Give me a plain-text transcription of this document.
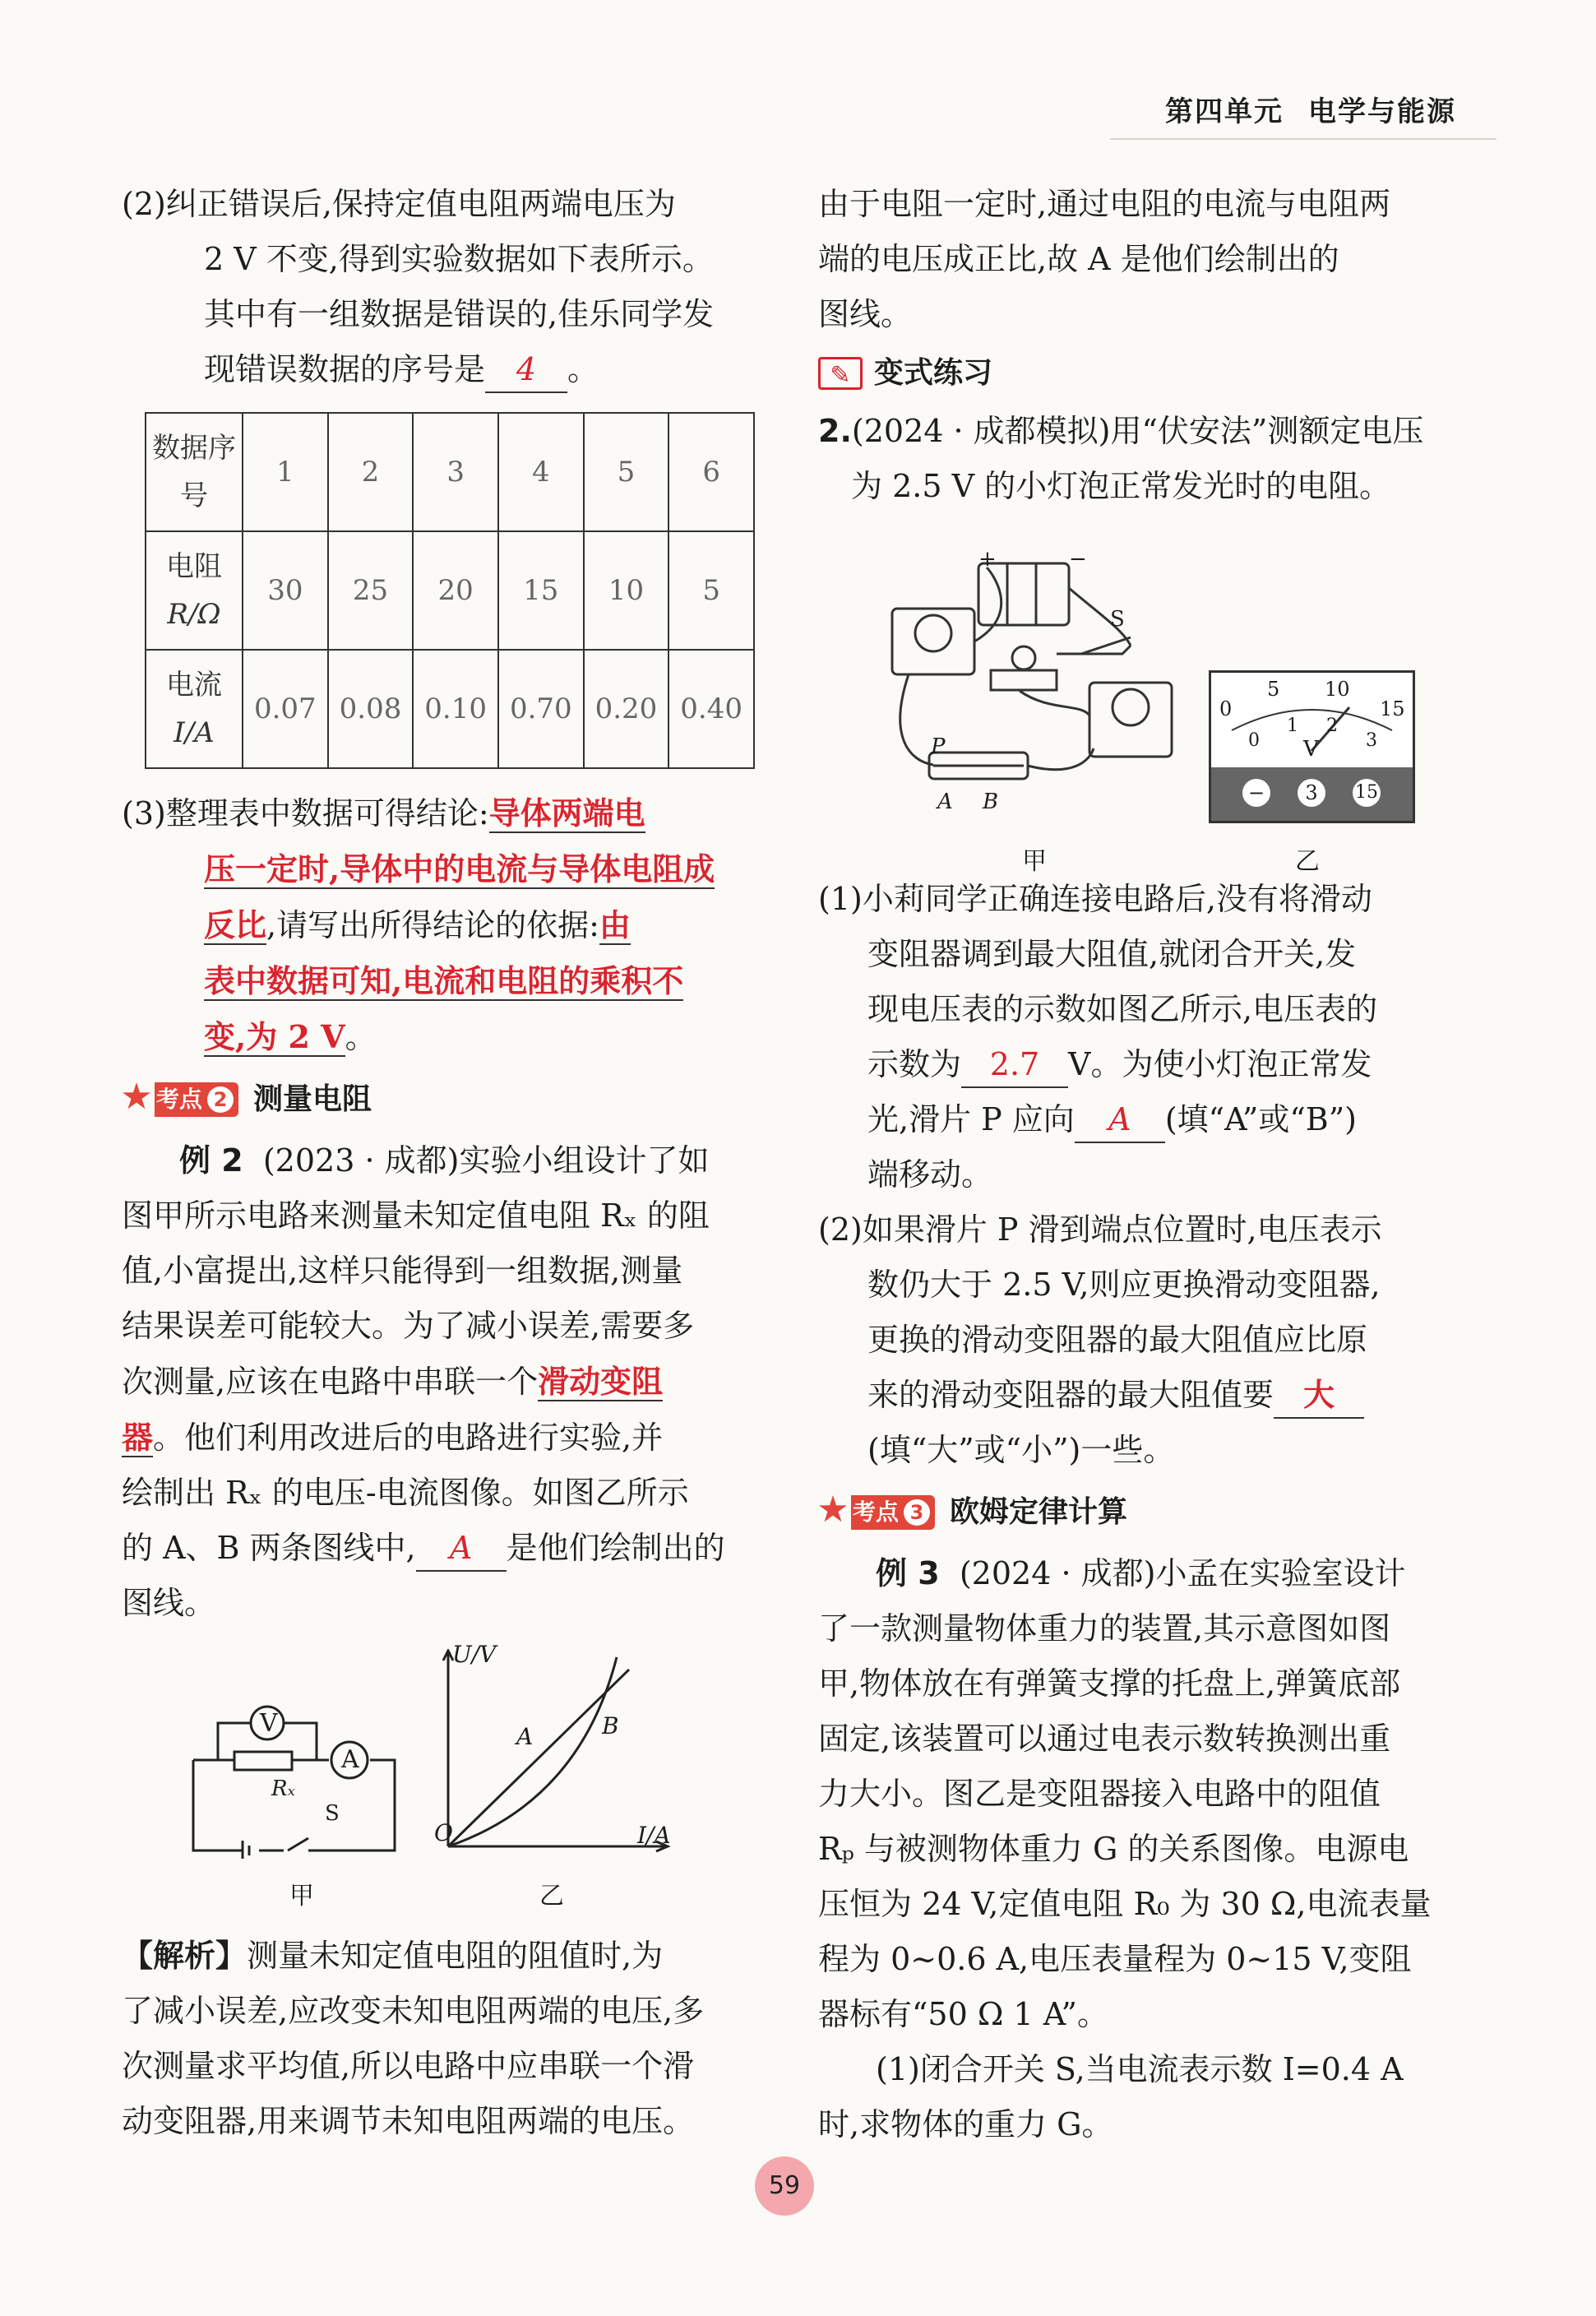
第四单元 电学与能源

(2)纠正错误后,保持定值电阻两端电压为

2 V 不变,得到实验数据如下表所示。

其中有一组数据是错误的,佳乐同学发

现错误数据的序号是 4 。

数据序号	1	2	3	4	5	6
电阻
R/Ω	30	25	20	15	10	5
电流
I/A	0.07	0.08	0.10	0.70	0.20	0.40

(3)整理表中数据可得结论:导体两端电

压一定时,导体中的电流与导体电阻成

反比,请写出所得结论的依据:由

表中数据可知,电流和电阻的乘积不

变,为 2 V。

★ 考点 2 测量电阻

例 2 (2023 · 成都)实验小组设计了如

图甲所示电路来测量未知定值电阻 Rₓ 的阻

值,小富提出,这样只能得到一组数据,测量

结果误差可能较大。为了减小误差,需要多

次测量,应该在电路中串联一个滑动变阻

器。他们利用改进后的电路进行实验,并

绘制出 Rₓ 的电压-电流图像。如图乙所示

的 A、B 两条图线中, A 是他们绘制出的

图线。

V
A
Rₓ
S
U/V
I/A
O
A	B
甲	乙

【解析】测量未知定值电阻的阻值时,为

了减小误差,应改变未知电阻两端的电压,多

次测量求平均值,所以电路中应串联一个滑

动变阻器,用来调节未知电阻两端的电压。

由于电阻一定时,通过电阻的电流与电阻两

端的电压成正比,故 A 是他们绘制出的

图线。

✎ 变式练习

2.(2024 · 成都模拟)用“伏安法”测额定电压

为 2.5 V 的小灯泡正常发光时的电阻。

+	−
S
P
A B
0
5 10
15
0
1 2
3
V
−	3	15
甲	乙

(1)小莉同学正确连接电路后,没有将滑动

变阻器调到最大阻值,就闭合开关,发

现电压表的示数如图乙所示,电压表的

示数为 2.7 V。为使小灯泡正常发

光,滑片 P 应向 A (填“A”或“B”)

端移动。

(2)如果滑片 P 滑到端点位置时,电压表示

数仍大于 2.5 V,则应更换滑动变阻器,

更换的滑动变阻器的最大阻值应比原

来的滑动变阻器的最大阻值要 大

(填“大”或“小”)一些。

★ 考点 3 欧姆定律计算

例 3 (2024 · 成都)小孟在实验室设计

了一款测量物体重力的装置,其示意图如图

甲,物体放在有弹簧支撑的托盘上,弹簧底部

固定,该装置可以通过电表示数转换测出重

力大小。图乙是变阻器接入电路中的阻值

Rₚ 与被测物体重力 G 的关系图像。电源电

压恒为 24 V,定值电阻 R₀ 为 30 Ω,电流表量

程为 0~0.6 A,电压表量程为 0~15 V,变阻

器标有“50 Ω 1 A”。

(1)闭合开关 S,当电流表示数 I=0.4 A

时,求物体的重力 G。

59
